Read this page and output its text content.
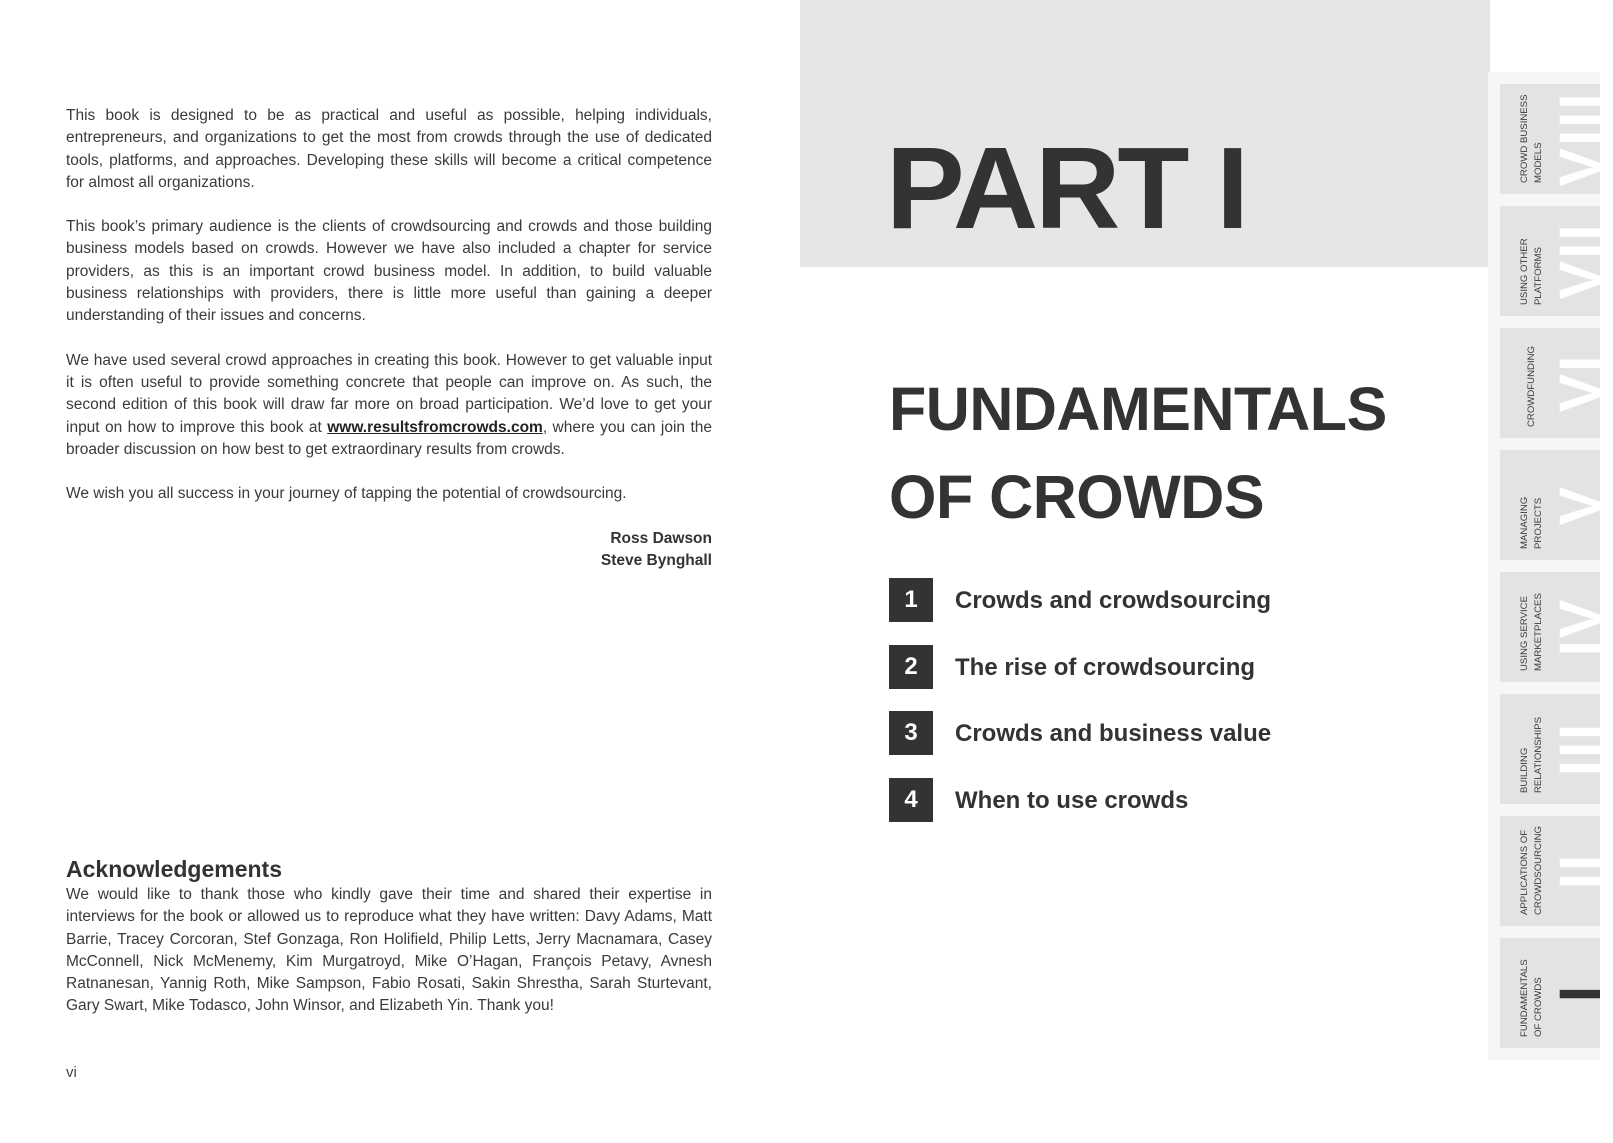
This book is designed to be as practical and useful as possible, helping individuals, entrepreneurs, and organizations to get the most from crowds through the use of dedicated tools, platforms, and approaches. Developing these skills will become a critical competence for almost all organizations.

This book’s primary audience is the clients of crowdsourcing and crowds and those building business models based on crowds. However we have also included a chapter for service providers, as this is an important crowd business model. In addition, to build valuable business relationships with providers, there is little more useful than gaining a deeper understanding of their issues and concerns.

We have used several crowd approaches in creating this book. However to get valuable input it is often useful to provide something concrete that people can improve on. As such, the second edition of this book will draw far more on broad participation. We’d love to get your input on how to improve this book at www.resultsfromcrowds.com, where you can join the broader discussion on how best to get extraordinary results from crowds.

We wish you all success in your journey of tapping the potential of crowdsourcing.

Ross Dawson
Steve Bynghall
Acknowledgements
We would like to thank those who kindly gave their time and shared their expertise in interviews for the book or allowed us to reproduce what they have written: Davy Adams, Matt Barrie, Tracey Corcoran, Stef Gonzaga, Ron Holifield, Philip Letts, Jerry Macnamara, Casey McConnell, Nick McMenemy, Kim Murgatroyd, Mike O’Hagan, François Petavy, Avnesh Ratnanesan, Yannig Roth, Mike Sampson, Fabio Rosati, Sakin Shrestha, Sarah Sturtevant, Gary Swart, Mike Todasco, John Winsor, and Elizabeth Yin. Thank you!
vi
PART I
FUNDAMENTALS
OF CROWDS
1	Crowds and crowdsourcing
2	The rise of crowdsourcing
3	Crowds and business value
4	When to use crowds
CROWD BUSINESS MODELS VIII
USING OTHER PLATFORMS VII
CROWDFUNDING VI
MANAGING PROJECTS V
USING SERVICE MARKETPLACES IV
BUILDING RELATIONSHIPS III
APPLICATIONS OF CROWDSOURCING II
FUNDAMENTALS OF CROWDS I
